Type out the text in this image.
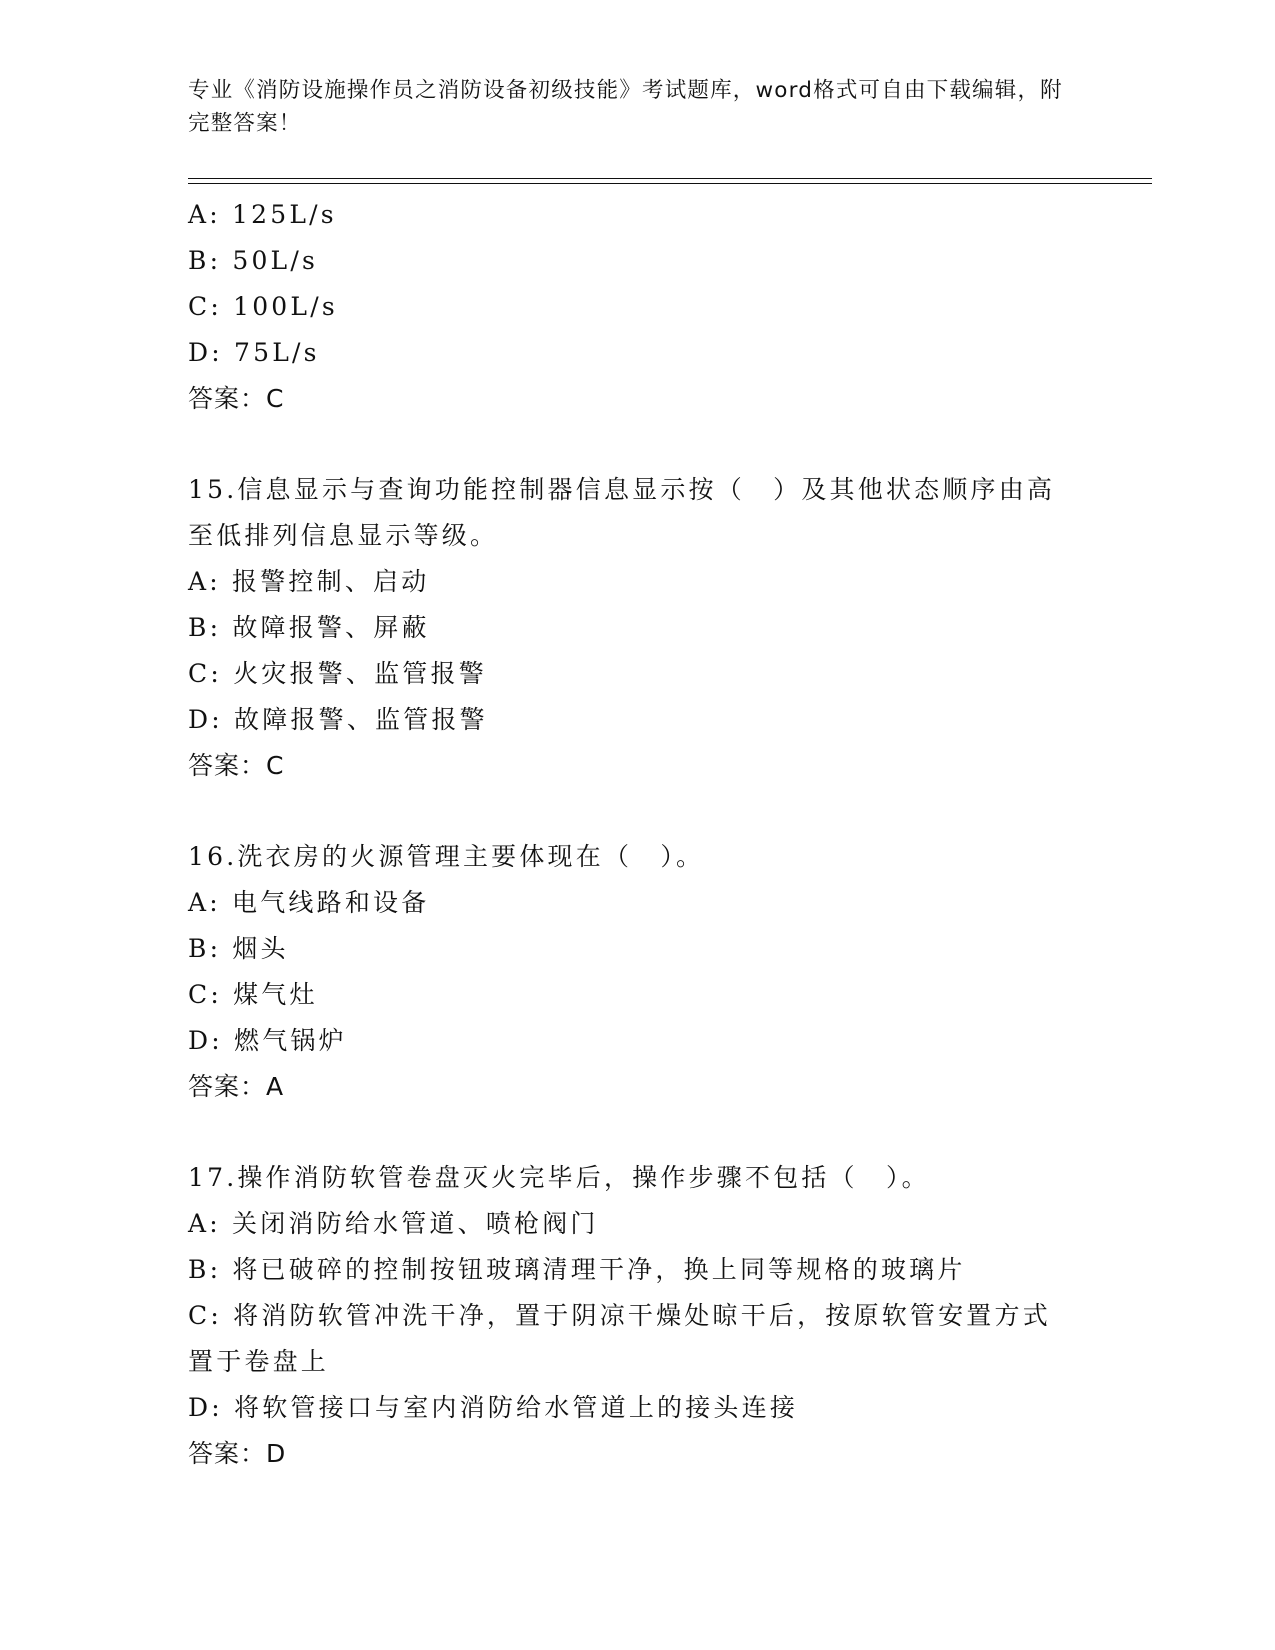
专业《消防设施操作员之消防设备初级技能》考试题库，word格式可自由下载编辑，附完整答案！
A: 125L/s
B: 50L/s
C: 100L/s
D: 75L/s
答案：C
15.信息显示与查询功能控制器信息显示按（　）及其他状态顺序由高
至低排列信息显示等级。
A: 报警控制、启动
B: 故障报警、屏蔽
C: 火灾报警、监管报警
D: 故障报警、监管报警
答案：C
16.洗衣房的火源管理主要体现在（　）。
A: 电气线路和设备
B: 烟头
C: 煤气灶
D: 燃气锅炉
答案：A
17.操作消防软管卷盘灭火完毕后，操作步骤不包括（　）。
A: 关闭消防给水管道、喷枪阀门
B: 将已破碎的控制按钮玻璃清理干净，换上同等规格的玻璃片
C: 将消防软管冲洗干净，置于阴凉干燥处晾干后，按原软管安置方式
置于卷盘上
D: 将软管接口与室内消防给水管道上的接头连接
答案：D
